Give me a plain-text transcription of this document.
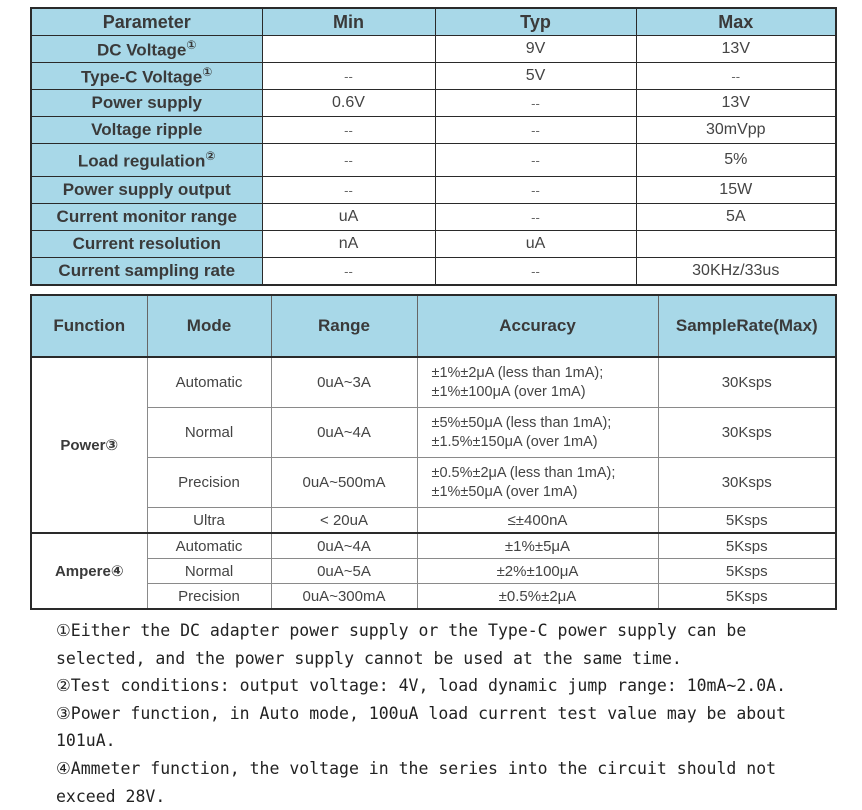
Parameter	Min	Typ	Max
DC Voltage①		9V	13V
Type-C Voltage①	--	5V	--
Power supply	0.6V	--	13V
Voltage ripple	--	--	30mVpp
Load regulation②	--	--	5%
Power supply output	--	--	15W
Current monitor range	uA	--	5A
Current resolution	nA	uA	
Current sampling rate	--	--	30KHz/33us
Function	Mode	Range	Accuracy	SampleRate(Max)
Power③	Automatic	0uA~3A	±1%±2μA (less than 1mA);
±1%±100μA (over 1mA)	30Ksps
	Normal	0uA~4A	±5%±50μA (less than 1mA);
±1.5%±150μA (over 1mA)	30Ksps
	Precision	0uA~500mA	±0.5%±2μA (less than 1mA);
±1%±50μA (over 1mA)	30Ksps
	Ultra	< 20uA	≤±400nA	5Ksps
Ampere④	Automatic	0uA~4A	±1%±5μA	5Ksps
	Normal	0uA~5A	±2%±100μA	5Ksps
	Precision	0uA~300mA	±0.5%±2μA	5Ksps

①Either the DC adapter power supply or the Type-C power supply can be selected, and the power supply cannot be used at the same time.

②Test conditions: output voltage: 4V, load dynamic jump range: 10mA~2.0A.

③Power function, in Auto mode, 100uA load current test value may be about 101uA.

④Ammeter function, the voltage in the series into the circuit should not exceed 28V.
